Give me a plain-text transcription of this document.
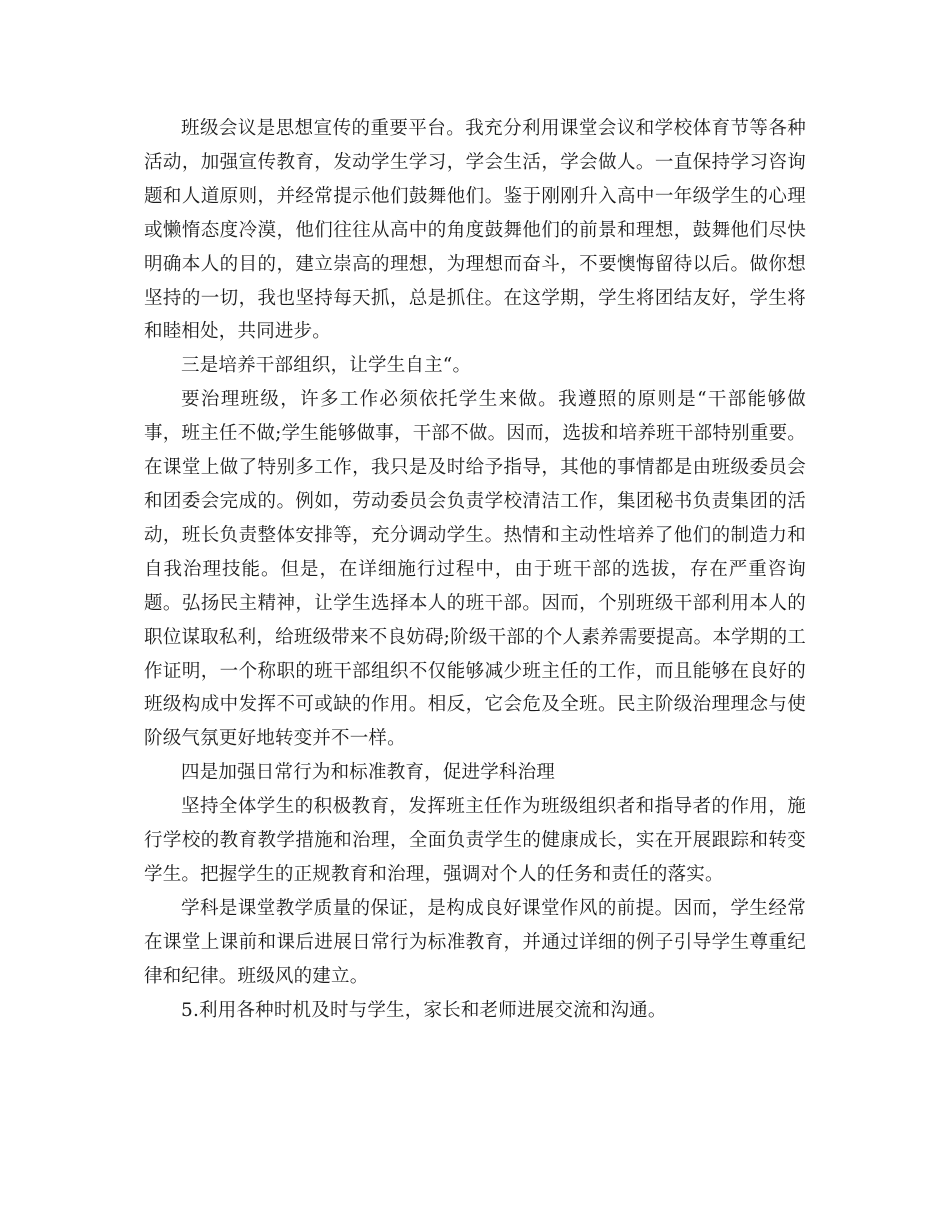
班级会议是思想宣传的重要平台。我充分利用课堂会议和学校体育节等各种活动，加强宣传教育，发动学生学习，学会生活，学会做人。一直保持学习咨询题和人道原则，并经常提示他们鼓舞他们。鉴于刚刚升入高中一年级学生的心理或懒惰态度冷漠，他们往往从高中的角度鼓舞他们的前景和理想，鼓舞他们尽快明确本人的目的，建立崇高的理想，为理想而奋斗，不要懊悔留待以后。做你想坚持的一切，我也坚持每天抓，总是抓住。在这学期，学生将团结友好，学生将和睦相处，共同进步。

三是培养干部组织，让学生自主“。

要治理班级，许多工作必须依托学生来做。我遵照的原则是“干部能够做事，班主任不做;学生能够做事，干部不做。因而，选拔和培养班干部特别重要。在课堂上做了特别多工作，我只是及时给予指导，其他的事情都是由班级委员会和团委会完成的。例如，劳动委员会负责学校清洁工作，集团秘书负责集团的活动，班长负责整体安排等，充分调动学生。热情和主动性培养了他们的制造力和自我治理技能。但是，在详细施行过程中，由于班干部的选拔，存在严重咨询题。弘扬民主精神，让学生选择本人的班干部。因而，个别班级干部利用本人的职位谋取私利，给班级带来不良妨碍;阶级干部的个人素养需要提高。本学期的工作证明，一个称职的班干部组织不仅能够减少班主任的工作，而且能够在良好的班级构成中发挥不可或缺的作用。相反，它会危及全班。民主阶级治理理念与使阶级气氛更好地转变并不一样。

四是加强日常行为和标准教育，促进学科治理

坚持全体学生的积极教育，发挥班主任作为班级组织者和指导者的作用，施行学校的教育教学措施和治理，全面负责学生的健康成长，实在开展跟踪和转变学生。把握学生的正规教育和治理，强调对个人的任务和责任的落实。

学科是课堂教学质量的保证，是构成良好课堂作风的前提。因而，学生经常在课堂上课前和课后进展日常行为标准教育，并通过详细的例子引导学生尊重纪律和纪律。班级风的建立。

5.利用各种时机及时与学生，家长和老师进展交流和沟通。
